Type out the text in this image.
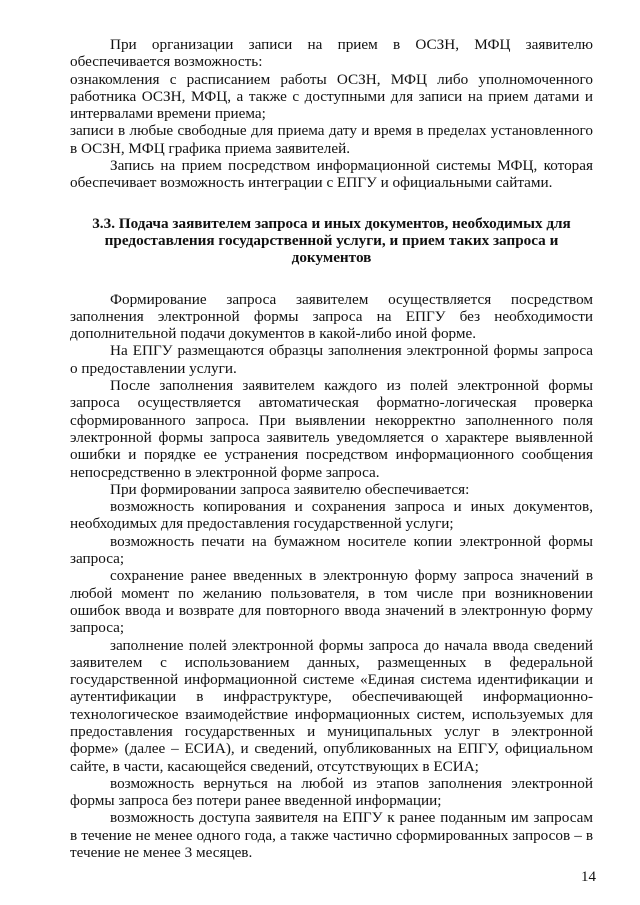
При организации записи на прием в ОСЗН, МФЦ заявителю обеспечивается возможность:

ознакомления с расписанием работы ОСЗН, МФЦ либо уполномоченного работника ОСЗН, МФЦ, а также с доступными для записи на прием датами и интервалами времени приема;

записи в любые свободные для приема дату и время в пределах установленного в ОСЗН, МФЦ графика приема заявителей.

Запись на прием посредством информационной системы МФЦ, которая обеспечивает возможность интеграции с ЕПГУ и официальными сайтами.

3.3. Подача заявителем запроса и иных документов, необходимых для предоставления государственной услуги, и прием таких запроса и документов

Формирование запроса заявителем осуществляется посредством заполнения электронной формы запроса на ЕПГУ без необходимости дополнительной подачи документов в какой-либо иной форме.

На ЕПГУ размещаются образцы заполнения электронной формы запроса о предоставлении услуги.

После заполнения заявителем каждого из полей электронной формы запроса осуществляется автоматическая форматно-логическая проверка сформированного запроса. При выявлении некорректно заполненного поля электронной формы запроса заявитель уведомляется о характере выявленной ошибки и порядке ее устранения посредством информационного сообщения непосредственно в электронной форме запроса.

При формировании запроса заявителю обеспечивается:

возможность копирования и сохранения запроса и иных документов, необходимых для предоставления государственной услуги;

возможность печати на бумажном носителе копии электронной формы запроса;

сохранение ранее введенных в электронную форму запроса значений в любой момент по желанию пользователя, в том числе при возникновении ошибок ввода и возврате для повторного ввода значений в электронную форму запроса;

заполнение полей электронной формы запроса до начала ввода сведений заявителем с использованием данных, размещенных в федеральной государственной информационной системе «Единая система идентификации и аутентификации в инфраструктуре, обеспечивающей информационно-технологическое взаимодействие информационных систем, используемых для предоставления государственных и муниципальных услуг в электронной форме» (далее – ЕСИА), и сведений, опубликованных на ЕПГУ, официальном сайте, в части, касающейся сведений, отсутствующих в ЕСИА;

возможность вернуться на любой из этапов заполнения электронной формы запроса без потери ранее введенной информации;

возможность доступа заявителя на ЕПГУ к ранее поданным им запросам в течение не менее одного года, а также частично сформированных запросов – в течение не менее 3 месяцев.

14
